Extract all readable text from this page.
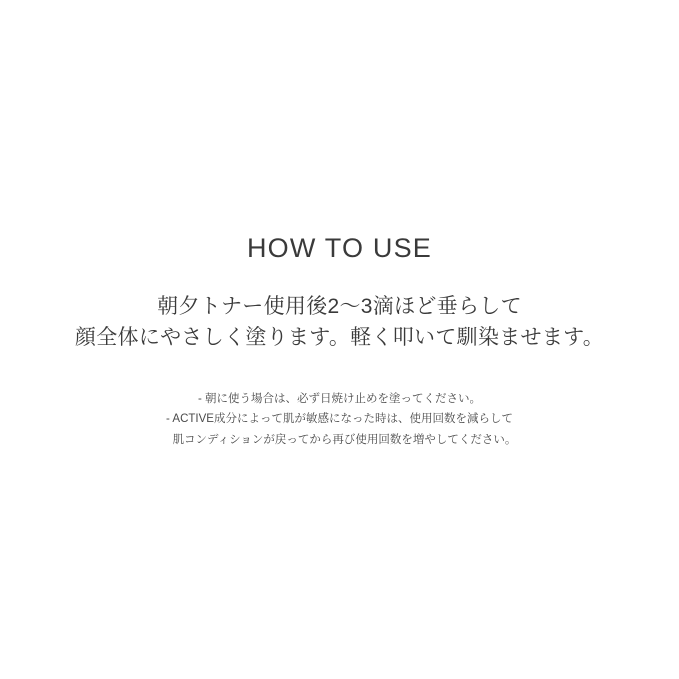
HOW TO USE

朝夕トナー使用後2〜3滴ほど垂らして
顔全体にやさしく塗ります。軽く叩いて馴染ませます。

- 朝に使う場合は、必ず日焼け止めを塗ってください。
- ACTIVE成分によって肌が敏感になった時は、使用回数を減らして
肌コンディションが戻ってから再び使用回数を増やしてください。
